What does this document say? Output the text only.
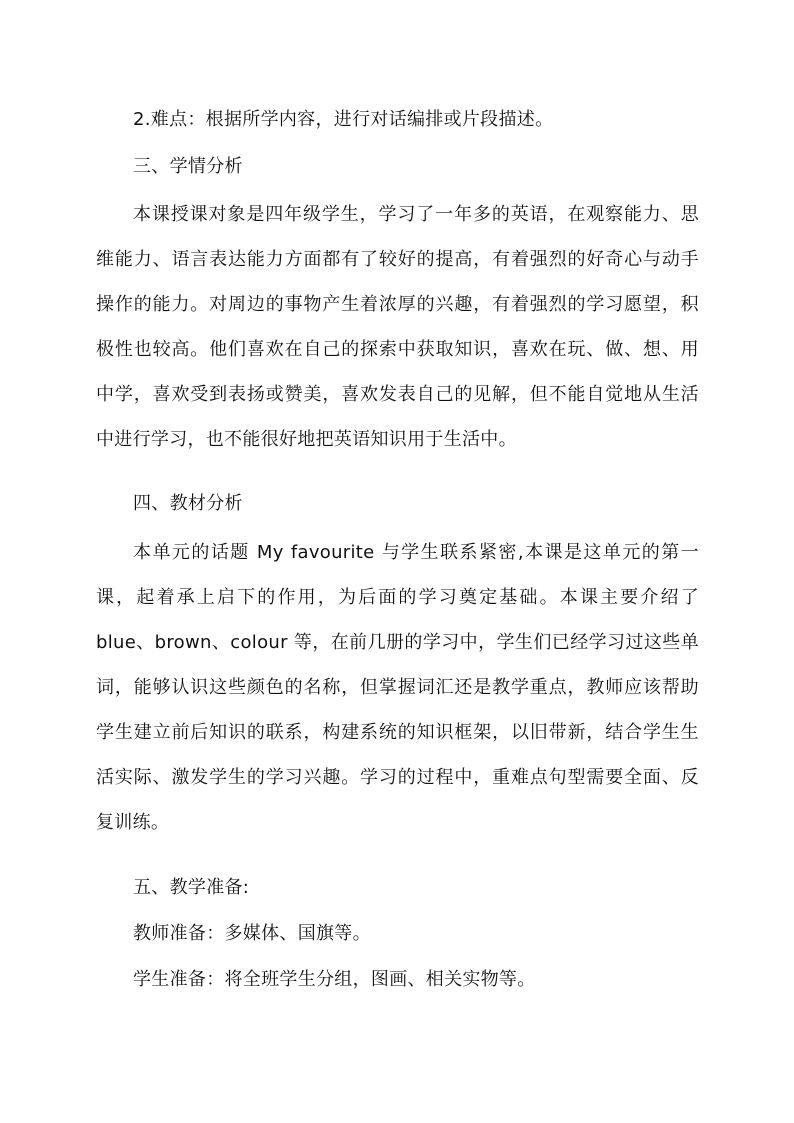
2.难点：根据所学内容，进行对话编排或片段描述。

三、学情分析

本课授课对象是四年级学生，学习了一年多的英语，在观察能力、思维能力、语言表达能力方面都有了较好的提高，有着强烈的好奇心与动手操作的能力。对周边的事物产生着浓厚的兴趣，有着强烈的学习愿望，积极性也较高。他们喜欢在自己的探索中获取知识，喜欢在玩、做、想、用中学，喜欢受到表扬或赞美，喜欢发表自己的见解，但不能自觉地从生活中进行学习，也不能很好地把英语知识用于生活中。

四、教材分析

本单元的话题 My favourite 与学生联系紧密,本课是这单元的第一课，起着承上启下的作用，为后面的学习奠定基础。本课主要介绍了 blue、brown、colour 等，在前几册的学习中，学生们已经学习过这些单词，能够认识这些颜色的名称，但掌握词汇还是教学重点，教师应该帮助学生建立前后知识的联系，构建系统的知识框架，以旧带新，结合学生生活实际、激发学生的学习兴趣。学习的过程中，重难点句型需要全面、反复训练。

五、教学准备:

教师准备：多媒体、国旗等。

学生准备：将全班学生分组，图画、相关实物等。
